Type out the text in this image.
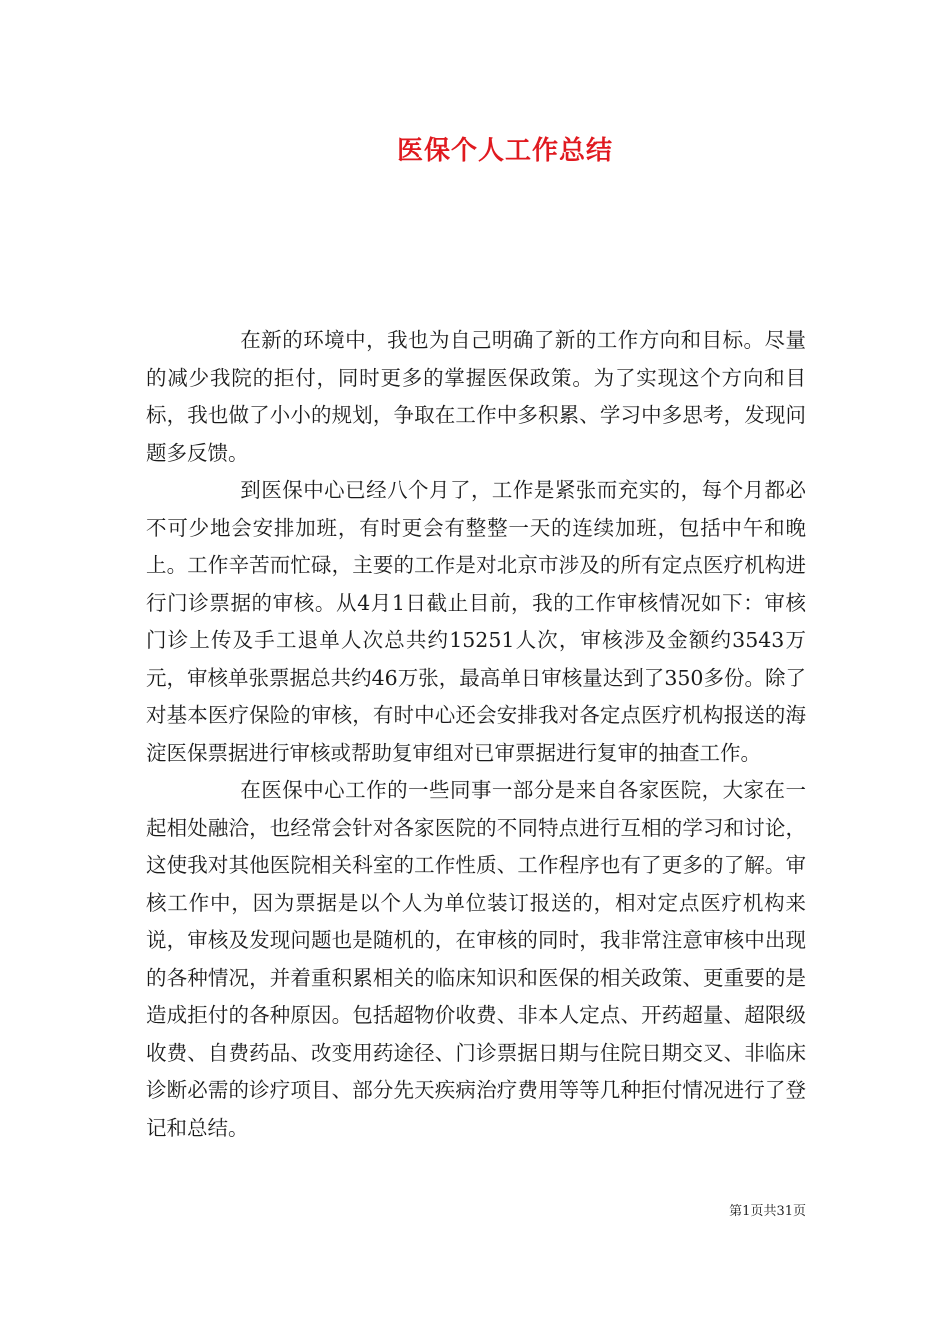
医保个人工作总结

在新的环境中，我也为自己明确了新的工作方向和目标。尽量的减少我院的拒付，同时更多的掌握医保政策。为了实现这个方向和目标，我也做了小小的规划，争取在工作中多积累、学习中多思考，发现问题多反馈。

到医保中心已经八个月了，工作是紧张而充实的，每个月都必不可少地会安排加班，有时更会有整整一天的连续加班，包括中午和晚上。工作辛苦而忙碌，主要的工作是对北京市涉及的所有定点医疗机构进行门诊票据的审核。从4月1日截止目前，我的工作审核情况如下：审核门诊上传及手工退单人次总共约15251人次，审核涉及金额约3543万元，审核单张票据总共约46万张，最高单日审核量达到了350多份。除了对基本医疗保险的审核，有时中心还会安排我对各定点医疗机构报送的海淀医保票据进行审核或帮助复审组对已审票据进行复审的抽查工作。

在医保中心工作的一些同事一部分是来自各家医院，大家在一起相处融洽，也经常会针对各家医院的不同特点进行互相的学习和讨论，这使我对其他医院相关科室的工作性质、工作程序也有了更多的了解。审核工作中，因为票据是以个人为单位装订报送的，相对定点医疗机构来说，审核及发现问题也是随机的，在审核的同时，我非常注意审核中出现的各种情况，并着重积累相关的临床知识和医保的相关政策、更重要的是造成拒付的各种原因。包括超物价收费、非本人定点、开药超量、超限级收费、自费药品、改变用药途径、门诊票据日期与住院日期交叉、非临床诊断必需的诊疗项目、部分先天疾病治疗费用等等几种拒付情况进行了登记和总结。

第1页共31页
